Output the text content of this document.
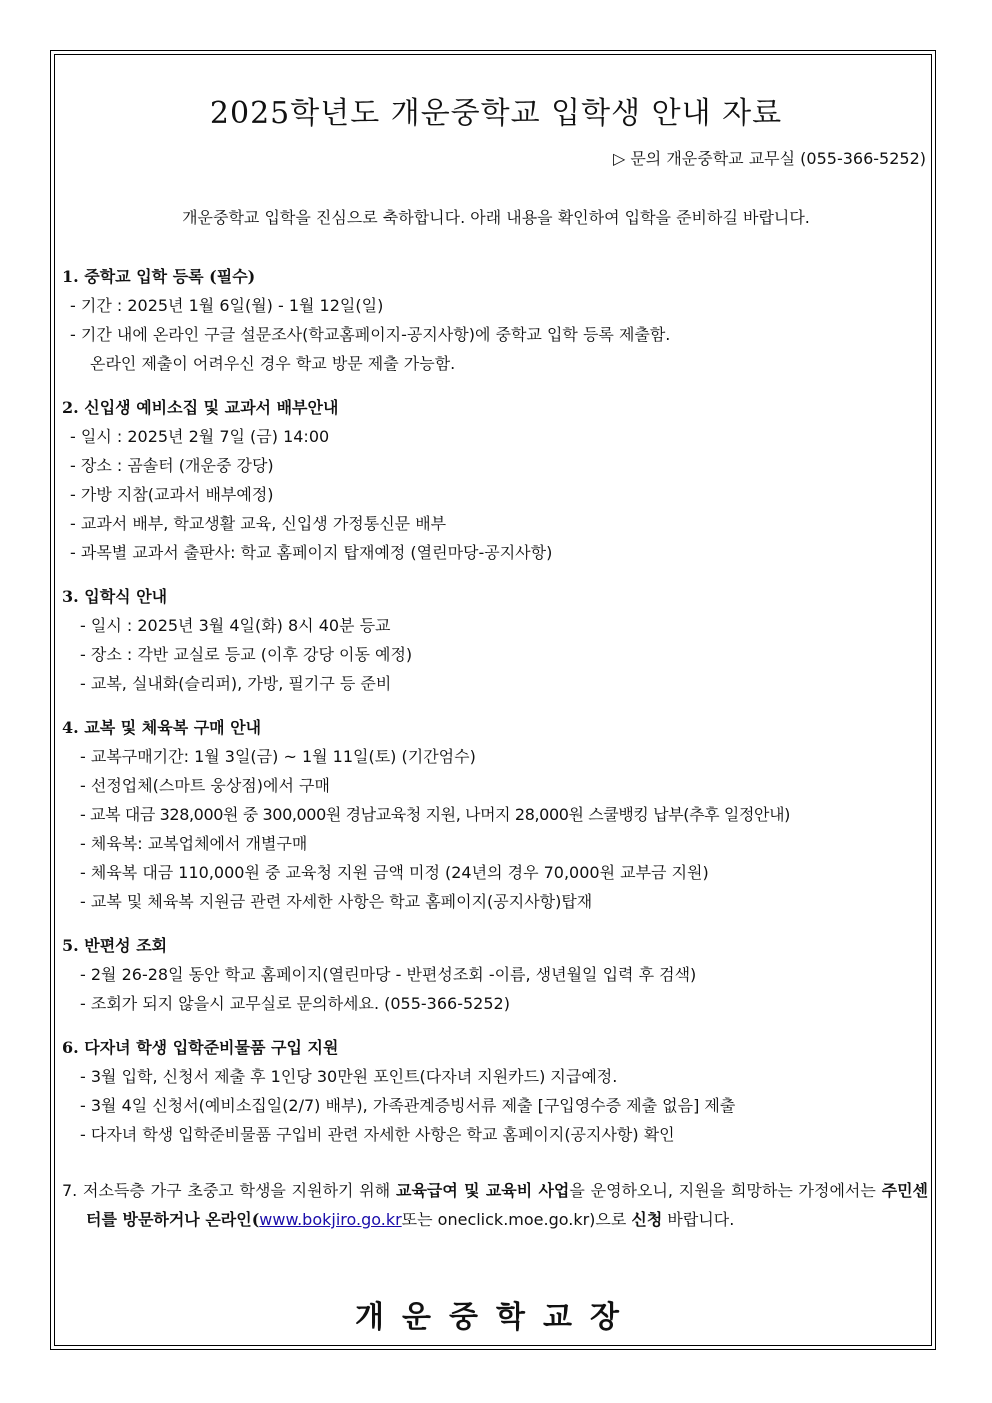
2025학년도 개운중학교 입학생 안내 자료
▷ 문의 개운중학교 교무실 (055-366-5252)
개운중학교 입학을 진심으로 축하합니다. 아래 내용을 확인하여 입학을 준비하길 바랍니다.
1. 중학교 입학 등록 (필수)
- 기간 : 2025년 1월 6일(월) - 1월 12일(일)
- 기간 내에 온라인 구글 설문조사(학교홈페이지-공지사항)에 중학교 입학 등록 제출함.
온라인 제출이 어려우신 경우 학교 방문 제출 가능함.
2. 신입생 예비소집 및 교과서 배부안내
- 일시 : 2025년 2월 7일 (금) 14:00
- 장소 : 곰솔터 (개운중 강당)
- 가방 지참(교과서 배부예정)
- 교과서 배부, 학교생활 교육, 신입생 가정통신문 배부
- 과목별 교과서 출판사: 학교 홈페이지 탑재예정 (열린마당-공지사항)
3. 입학식 안내
- 일시 : 2025년 3월 4일(화) 8시 40분 등교
- 장소 : 각반 교실로 등교 (이후 강당 이동 예정)
- 교복, 실내화(슬리퍼), 가방, 필기구 등 준비
4. 교복 및 체육복 구매 안내
- 교복구매기간: 1월 3일(금) ~ 1월 11일(토) (기간엄수)
- 선정업체(스마트 웅상점)에서 구매
- 교복 대금 328,000원 중 300,000원 경남교육청 지원, 나머지 28,000원 스쿨뱅킹 납부(추후 일정안내)
- 체육복: 교복업체에서 개별구매
- 체육복 대금 110,000원 중 교육청 지원 금액 미정 (24년의 경우 70,000원 교부금 지원)
- 교복 및 체육복 지원금 관련 자세한 사항은 학교 홈페이지(공지사항)탑재
5. 반편성 조회
- 2월 26-28일 동안 학교 홈페이지(열린마당 - 반편성조회 -이름, 생년월일 입력 후 검색)
- 조회가 되지 않을시 교무실로 문의하세요. (055-366-5252)
6. 다자녀 학생 입학준비물품 구입 지원
- 3월 입학, 신청서 제출 후 1인당 30만원 포인트(다자녀 지원카드) 지급예정.
- 3월 4일 신청서(예비소집일(2/7) 배부), 가족관계증빙서류 제출 [구입영수증 제출 없음] 제출
- 다자녀 학생 입학준비물품 구입비 관련 자세한 사항은 학교 홈페이지(공지사항) 확인
7. 저소득층 가구 초중고 학생을 지원하기 위해 교육급여 및 교육비 사업을 운영하오니, 지원을 희망하는 가정에서는 주민센터를 방문하거나 온라인(www.bokjiro.go.kr또는 oneclick.moe.go.kr)으로 신청 바랍니다.
개운중학교장
